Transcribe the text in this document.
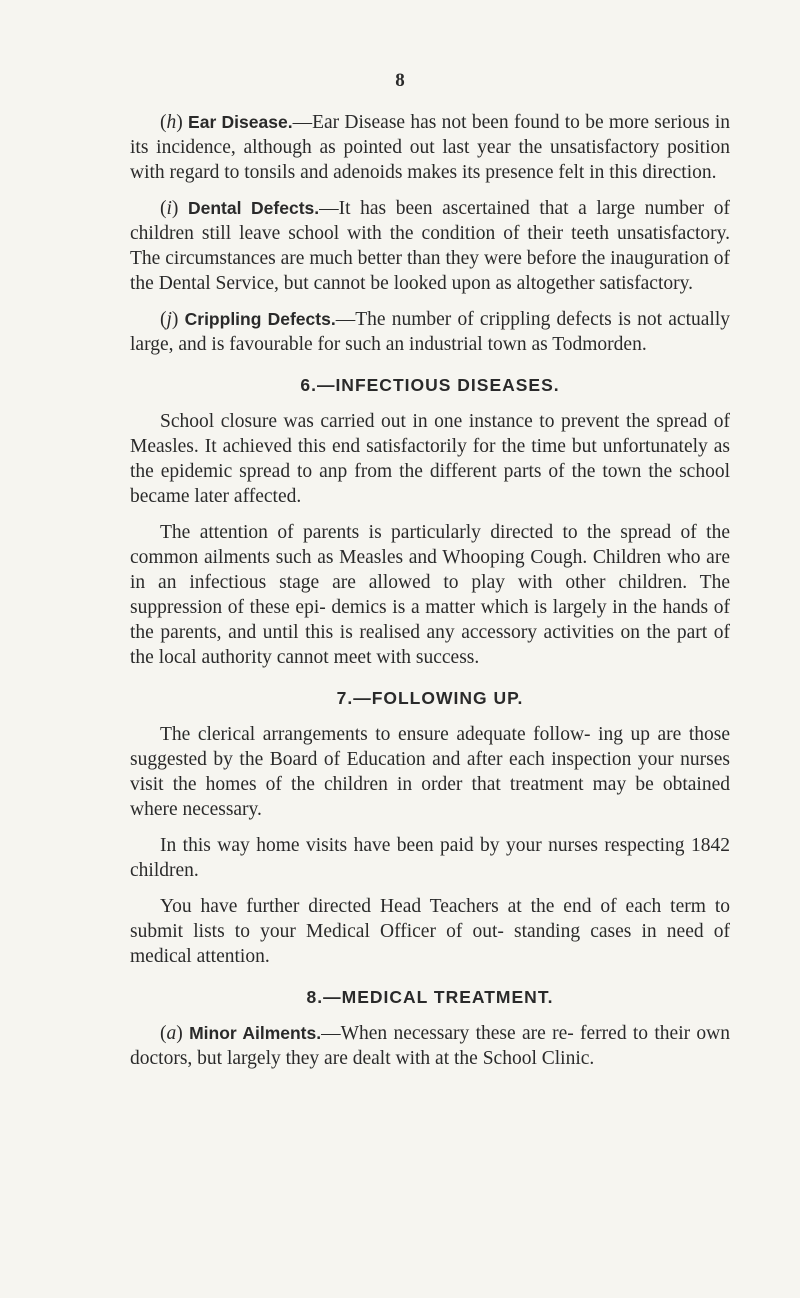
8

(h) Ear Disease.—Ear Disease has not been found to be more serious in its incidence, although as pointed out last year the unsatisfactory position with regard to tonsils and adenoids makes its presence felt in this direction.

(i) Dental Defects.—It has been ascertained that a large number of children still leave school with the condition of their teeth unsatisfactory. The circumstances are much better than they were before the inauguration of the Dental Service, but cannot be looked upon as altogether satisfactory.

(j) Crippling Defects.—The number of crippling defects is not actually large, and is favourable for such an industrial town as Todmorden.

6.—INFECTIOUS DISEASES.

School closure was carried out in one instance to prevent the spread of Measles. It achieved this end satisfactorily for the time but unfortunately as the epidemic spread to anp from the different parts of the town the school became later affected.

The attention of parents is particularly directed to the spread of the common ailments such as Measles and Whooping Cough. Children who are in an infectious stage are allowed to play with other children. The suppression of these epi- demics is a matter which is largely in the hands of the parents, and until this is realised any accessory activities on the part of the local authority cannot meet with success.

7.—FOLLOWING UP.

The clerical arrangements to ensure adequate follow- ing up are those suggested by the Board of Education and after each inspection your nurses visit the homes of the children in order that treatment may be obtained where necessary.

In this way home visits have been paid by your nurses respecting 1842 children.

You have further directed Head Teachers at the end of each term to submit lists to your Medical Officer of out- standing cases in need of medical attention.

8.—MEDICAL TREATMENT.

(a) Minor Ailments.—When necessary these are re- ferred to their own doctors, but largely they are dealt with at the School Clinic.
